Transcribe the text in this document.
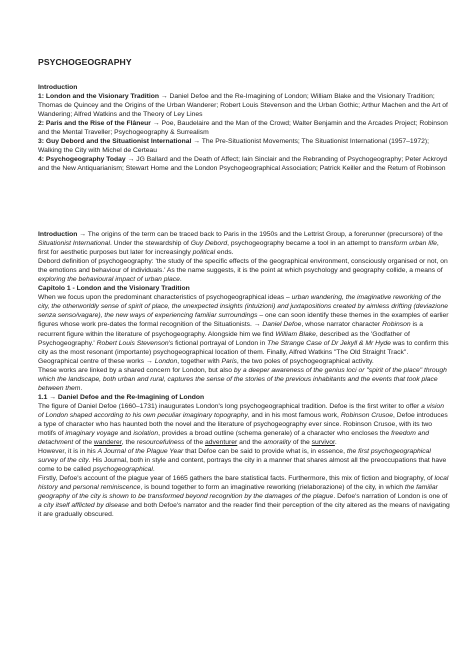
PSYCHOGEOGRAPHY

Introduction

1: London and the Visionary Tradition → Daniel Defoe and the Re-Imagining of London; William Blake and the Visionary Tradition; Thomas de Quincey and the Origins of the Urban Wanderer; Robert Louis Stevenson and the Urban Gothic; Arthur Machen and the Art of Wandering; Alfred Watkins and the Theory of Ley Lines

2: Paris and the Rise of the Flâneur → Poe, Baudelaire and the Man of the Crowd; Walter Benjamin and the Arcades Project; Robinson and the Mental Traveller; Psychogeography & Surrealism

3: Guy Debord and the Situationist International → The Pre-Situationist Movements; The Situationist International (1957–1972); Walking the City with Michel de Certeau

4: Psychogeography Today → JG Ballard and the Death of Affect; Iain Sinclair and the Rebranding of Psychogeography; Peter Ackroyd and the New Antiquarianism; Stewart Home and the London Psychogeographical Association; Patrick Keiller and the Return of Robinson

Introduction → The origins of the term can be traced back to Paris in the 1950s and the Lettrist Group, a forerunner (precursore) of the Situationist International. Under the stewardship of Guy Debord, psychogeography became a tool in an attempt to transform urban life, first for aesthetic purposes but later for increasingly political ends.

Debord definition of psychogeography: 'the study of the specific effects of the geographical environment, consciously organised or not, on the emotions and behaviour of individuals.' As the name suggests, it is the point at which psychology and geography collide, a means of exploring the behavioural impact of urban place.

Capitolo 1 - London and the Visionary Tradition

When we focus upon the predominant characteristics of psychogeographical ideas – urban wandering, the imaginative reworking of the city, the otherworldly sense of spirit of place, the unexpected insights (intuizioni) and juxtapositions created by aimless drifting (deviazione senza senso/vagare), the new ways of experiencing familiar surroundings – one can soon identify these themes in the examples of earlier figures whose work pre-dates the formal recognition of the Situationists. → Daniel Defoe, whose narrator character Robinson is a recurrent figure within the literature of psychogeography. Alongside him we find William Blake, described as the 'Godfather of Psychogeography.' Robert Louis Stevenson's fictional portrayal of London in The Strange Case of Dr Jekyll & Mr Hyde was to confirm this city as the most resonant (importante) psychogeographical location of them. Finally, Alfred Watkins "The Old Straight Track".

Geographical centre of these works → London, together with Paris, the two poles of psychogeographical activity.

These works are linked by a shared concern for London, but also by a deeper awareness of the genius loci or "spirit of the place" through which the landscape, both urban and rural, captures the sense of the stories of the previous inhabitants and the events that took place between them.

1.1 → Daniel Defoe and the Re-Imagining of London

The figure of Daniel Defoe (1660–1731) inaugurates London's long psychogeographical tradition. Defoe is the first writer to offer a vision of London shaped according to his own peculiar imaginary topography, and in his most famous work, Robinson Crusoe, Defoe introduces a type of character who has haunted both the novel and the literature of psychogeography ever since. Robinson Crusoe, with its two motifs of imaginary voyage and isolation, provides a broad outline (schema generale) of a character who encloses the freedom and detachment of the wanderer, the resourcefulness of the adventurer and the amorality of the survivor.

However, it is in his A Journal of the Plague Year that Defoe can be said to provide what is, in essence, the first psychogeographical survey of the city. His Journal, both in style and content, portrays the city in a manner that shares almost all the preoccupations that have come to be called psychogeographical.

Firstly, Defoe's account of the plague year of 1665 gathers the bare statistical facts. Furthermore, this mix of fiction and biography, of local history and personal reminiscence, is bound together to form an imaginative reworking (rielaborazione) of the city, in which the familiar geography of the city is shown to be transformed beyond recognition by the damages of the plague. Defoe's narration of London is one of a city itself afflicted by disease and both Defoe's narrator and the reader find their perception of the city altered as the means of navigating it are gradually obscured.
